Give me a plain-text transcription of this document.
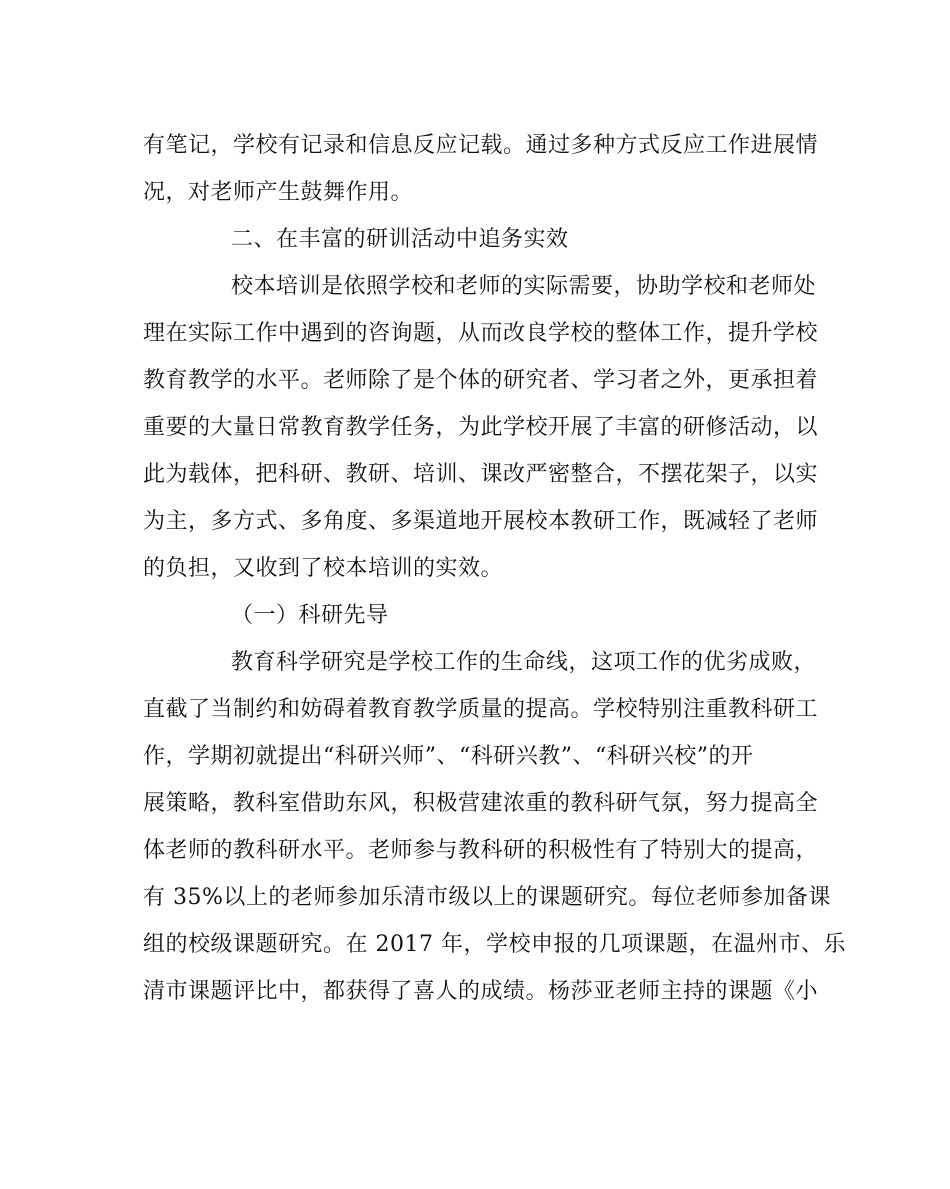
有笔记，学校有记录和信息反应记载。通过多种方式反应工作进展情
况，对老师产生鼓舞作用。
二、在丰富的研训活动中追务实效
校本培训是依照学校和老师的实际需要，协助学校和老师处
理在实际工作中遇到的咨询题，从而改良学校的整体工作，提升学校
教育教学的水平。老师除了是个体的研究者、学习者之外，更承担着
重要的大量日常教育教学任务，为此学校开展了丰富的研修活动，以
此为载体，把科研、教研、培训、课改严密整合，不摆花架子，以实
为主，多方式、多角度、多渠道地开展校本教研工作，既减轻了老师
的负担，又收到了校本培训的实效。
（一）科研先导
教育科学研究是学校工作的生命线，这项工作的优劣成败，
直截了当制约和妨碍着教育教学质量的提高。学校特别注重教科研工
作，学期初就提出“科研兴师”、“科研兴教”、“科研兴校”的开
展策略，教科室借助东风，积极营建浓重的教科研气氛，努力提高全
体老师的教科研水平。老师参与教科研的积极性有了特别大的提高，
有 35%以上的老师参加乐清市级以上的课题研究。每位老师参加备课
组的校级课题研究。在 2017 年，学校申报的几项课题，在温州市、乐
清市课题评比中，都获得了喜人的成绩。杨莎亚老师主持的课题《小
